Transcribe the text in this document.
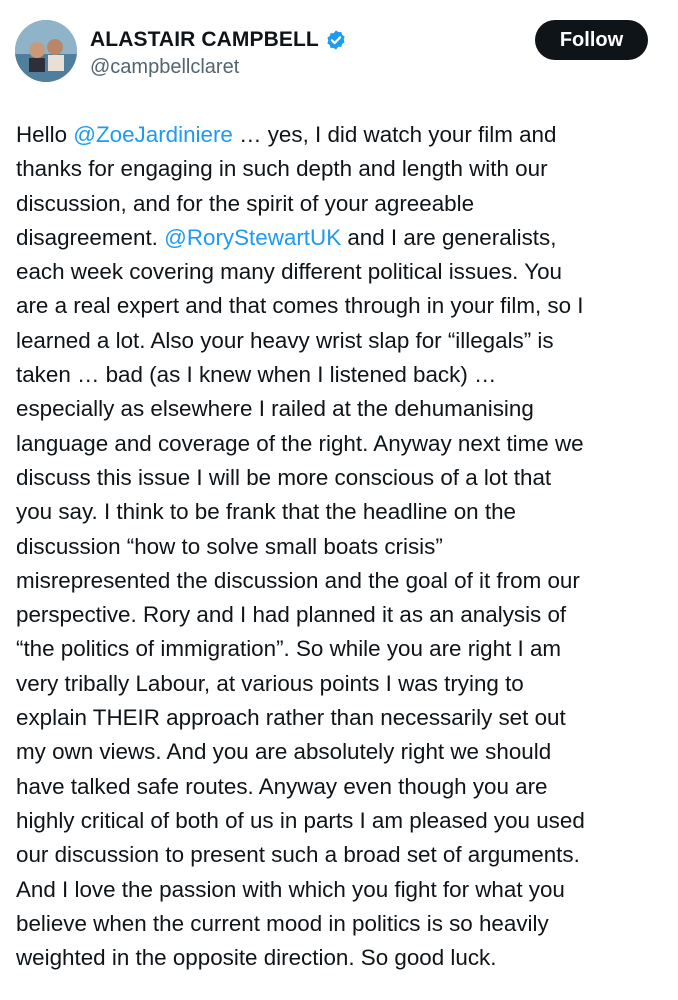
ALASTAIR CAMPBELL
@campbellclaret
Follow
Hello @ZoeJardiniere … yes, I did watch your film and
thanks for engaging in such depth and length with our
discussion, and for the spirit of your agreeable
disagreement. @RoryStewartUK and I are generalists,
each week covering many different political issues. You
are a real expert and that comes through in your film, so I
learned a lot. Also your heavy wrist slap for “illegals” is
taken … bad (as I knew when I listened back) …
especially as elsewhere I railed at the dehumanising
language and coverage of the right. Anyway next time we
discuss this issue I will be more conscious of a lot that
you say. I think to be frank that the headline on the
discussion “how to solve small boats crisis”
misrepresented the discussion and the goal of it from our
perspective. Rory and I had planned it as an analysis of
“the politics of immigration”. So while you are right I am
very tribally Labour, at various points I was trying to
explain THEIR approach rather than necessarily set out
my own views. And you are absolutely right we should
have talked safe routes. Anyway even though you are
highly critical of both of us in parts I am pleased you used
our discussion to present such a broad set of arguments.
And I love the passion with which you fight for what you
believe when the current mood in politics is so heavily
weighted in the opposite direction. So good luck.
